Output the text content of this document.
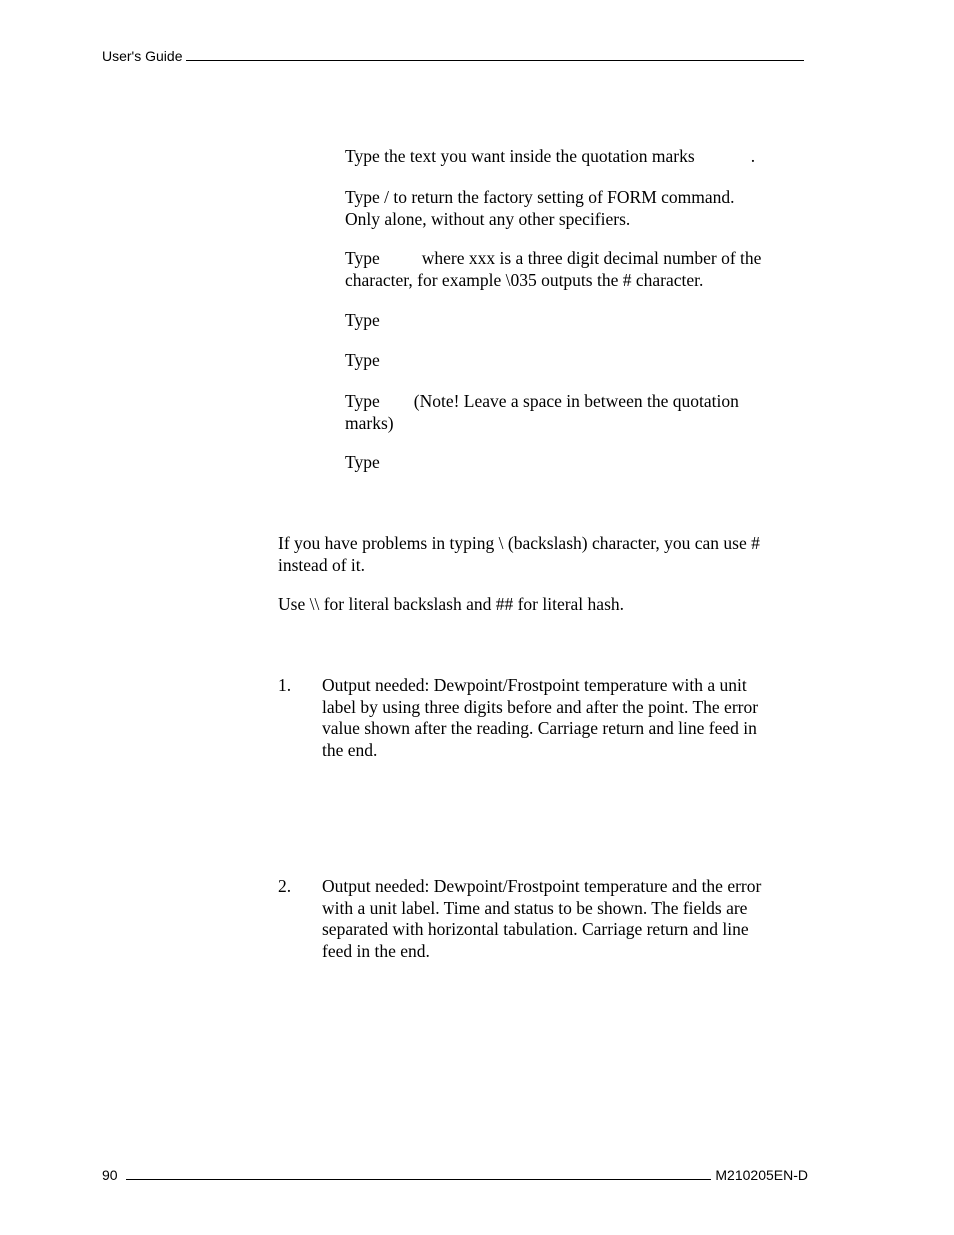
User's Guide

Type the text you want inside the quotation marks	.

Type / to return the factory setting of FORM command.
Only alone, without any other specifiers.

Type where xxx is a three digit decimal number of the
character, for example \035 outputs the # character.

Type

Type

Type (Note! Leave a space in between the quotation
marks)

Type

If you have problems in typing \ (backslash) character, you can use #
instead of it.

Use \\ for literal backslash and ## for literal hash.

1. Output needed: Dewpoint/Frostpoint temperature with a unit
label by using three digits before and after the point. The error
value shown after the reading. Carriage return and line feed in
the end.

2. Output needed: Dewpoint/Frostpoint temperature and the error
with a unit label. Time and status to be shown. The fields are
separated with horizontal tabulation. Carriage return and line
feed in the end.

90	M210205EN-D
